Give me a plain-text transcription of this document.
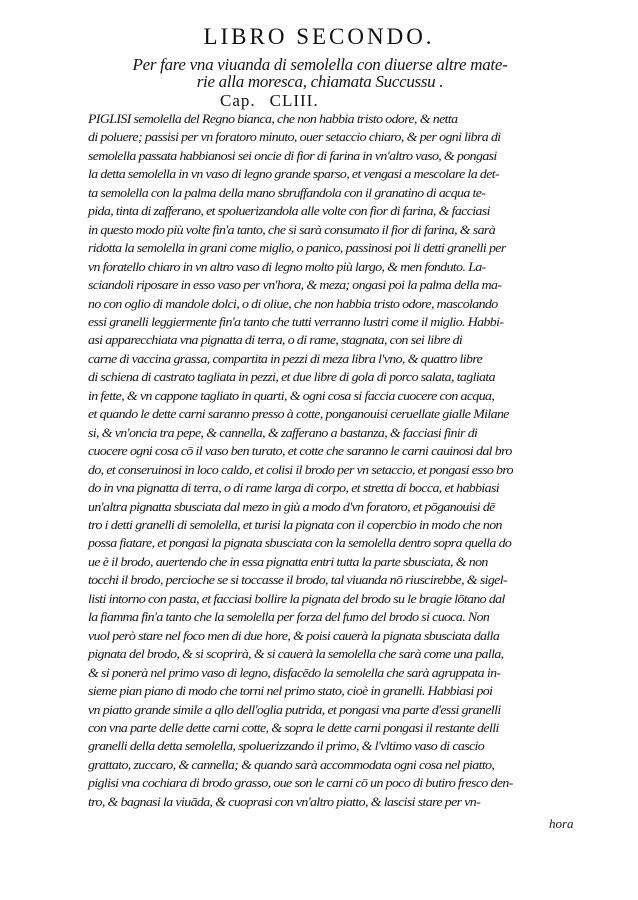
LIBRO SECONDO.
Per fare vna viuanda di semolella con diuerse altre mate-
rie alla moresca, chiamata Succussu .
Cap. CLIII.
PIGLISI semolella del Regno bianca, che non habbia tristo odore, & netta
di poluere; passisi per vn foratoro minuto, ouer setaccio chiaro, & per ogni libra di
semolella passata habbianosi sei oncie di fior di farina in vn'altro vaso, & pongasi
la detta semolella in vn vaso di legno grande sparso, et vengasi a mescolare la det-
ta semolella con la palma della mano sbruffandola con il granatino di acqua te-
pida, tinta di zafferano, et spoluerizandola alle volte con fior di farina, & facciasi
in questo modo più volte fin'a tanto, che si sarà consumato il fior di farina, & sarà
ridotta la semolella in grani come miglio, o panico, passinosi poi li detti granelli per
vn foratello chiaro in vn altro vaso di legno molto più largo, & men fonduto. La-
sciandoli riposare in esso vaso per vn'hora, & meza; ongasi poi la palma della ma-
no con oglio di mandole dolci, o di oliue, che non habbia tristo odore, mascolando
essi granelli leggiermente fin'a tanto che tutti verranno lustri come il miglio. Habbi-
asi apparecchiata vna pignatta di terra, o di rame, stagnata, con sei libre di
carne di vaccina grassa, compartita in pezzi di meza libra l'vno, & quattro libre
di schiena di castrato tagliata in pezzi, et due libre di gola di porco salata, tagliata
in fette, & vn cappone tagliato in quarti, & ogni cosa si faccia cuocere con acqua,
et quando le dette carni saranno presso à cotte, ponganouisi ceruellate gialle Milane
si, & vn'oncia tra pepe, & cannella, & zafferano a bastanza, & facciasi finir di
cuocere ogni cosa cō il vaso ben turato, et cotte che saranno le carni cauinosi dal bro
do, et conseruinosi in loco caldo, et colisi il brodo per vn setaccio, et pongasi esso bro
do in vna pignatta di terra, o di rame larga di corpo, et stretta di bocca, et habbiasi
un'altra pignatta sbusciata dal mezo in giù a modo d'vn foratoro, et pōganouisi dē
tro i detti granelli di semolella, et turisi la pignata con il copercbio in modo che non
possa fiatare, et pongasi la pignata sbusciata con la semolella dentro sopra quella do
ue è il brodo, auertendo che in essa pignatta entri tutta la parte sbusciata, & non
tocchi il brodo, percioche se si toccasse il brodo, tal viuanda nō riuscirebbe, & sigel-
listi intorno con pasta, et facciasi bollire la pignata del brodo su le bragie lōtano dal
la fiamma fin'a tanto che la semolella per forza del fumo del brodo si cuoca. Non
vuol però stare nel foco men di due hore, & poisi cauerà la pignata sbusciata dalla
pignata del brodo, & si scoprirà, & si cauerà la semolella che sarà come una palla,
& si ponerà nel primo vaso di legno, disfacēdo la semolella che sarà agruppata in-
sieme pian piano di modo che torni nel primo stato, cioè in granelli. Habbiasi poi
vn piatto grande simile a qllo dell'oglia putrida, et pongasi vna parte d'essi granelli
con vna parte delle dette carni cotte, & sopra le dette carni pongasi il restante delli
granelli della detta semolella, spoluerizzando il primo, & l'vltimo vaso di cascio
grattato, zuccaro, & cannella; & quando sarà accommodata ogni cosa nel piatto,
piglisi vna cochiara di brodo grasso, oue son le carni cō un poco di butiro fresco den-
tro, & bagnasi la viuāda, & cuoprasi con vn'altro piatto, & lascisi stare per vn-
hora
